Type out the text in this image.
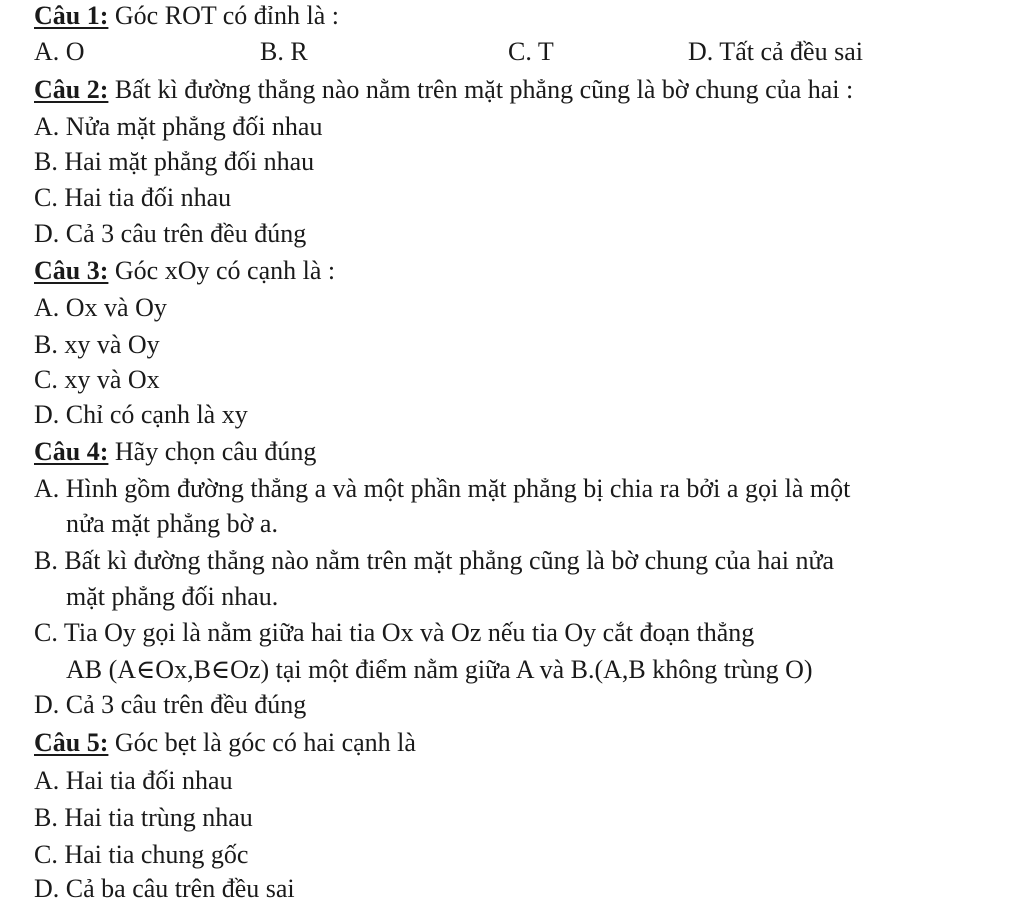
Câu 1: Góc ROT có đỉnh là :
A. O	B. R	C. T	D. Tất cả đều sai
Câu 2: Bất kì đường thẳng nào nằm trên mặt phẳng cũng là bờ chung của hai :
A. Nửa mặt phẳng đối nhau
B. Hai mặt phẳng đối nhau
C. Hai tia đối nhau
D. Cả 3 câu trên đều đúng
Câu 3: Góc xOy có cạnh là :
A. Ox và Oy
B. xy và Oy
C. xy và Ox
D. Chỉ có cạnh là xy
Câu 4: Hãy chọn câu đúng
A. Hình gồm đường thẳng a và một phần mặt phẳng bị chia ra bởi a gọi là một
nửa mặt phẳng bờ a.
B. Bất kì đường thẳng nào nằm trên mặt phẳng cũng là bờ chung của hai nửa
mặt phẳng đối nhau.
C. Tia Oy gọi là nằm giữa hai tia Ox và Oz nếu tia Oy cắt đoạn thẳng
AB (A∈Ox,B∈Oz) tại một điểm nằm giữa A và B.(A,B không trùng O)
D. Cả 3 câu trên đều đúng
Câu 5: Góc bẹt là góc có hai cạnh là
A. Hai tia đối nhau
B. Hai tia trùng nhau
C. Hai tia chung gốc
D. Cả ba câu trên đều sai
